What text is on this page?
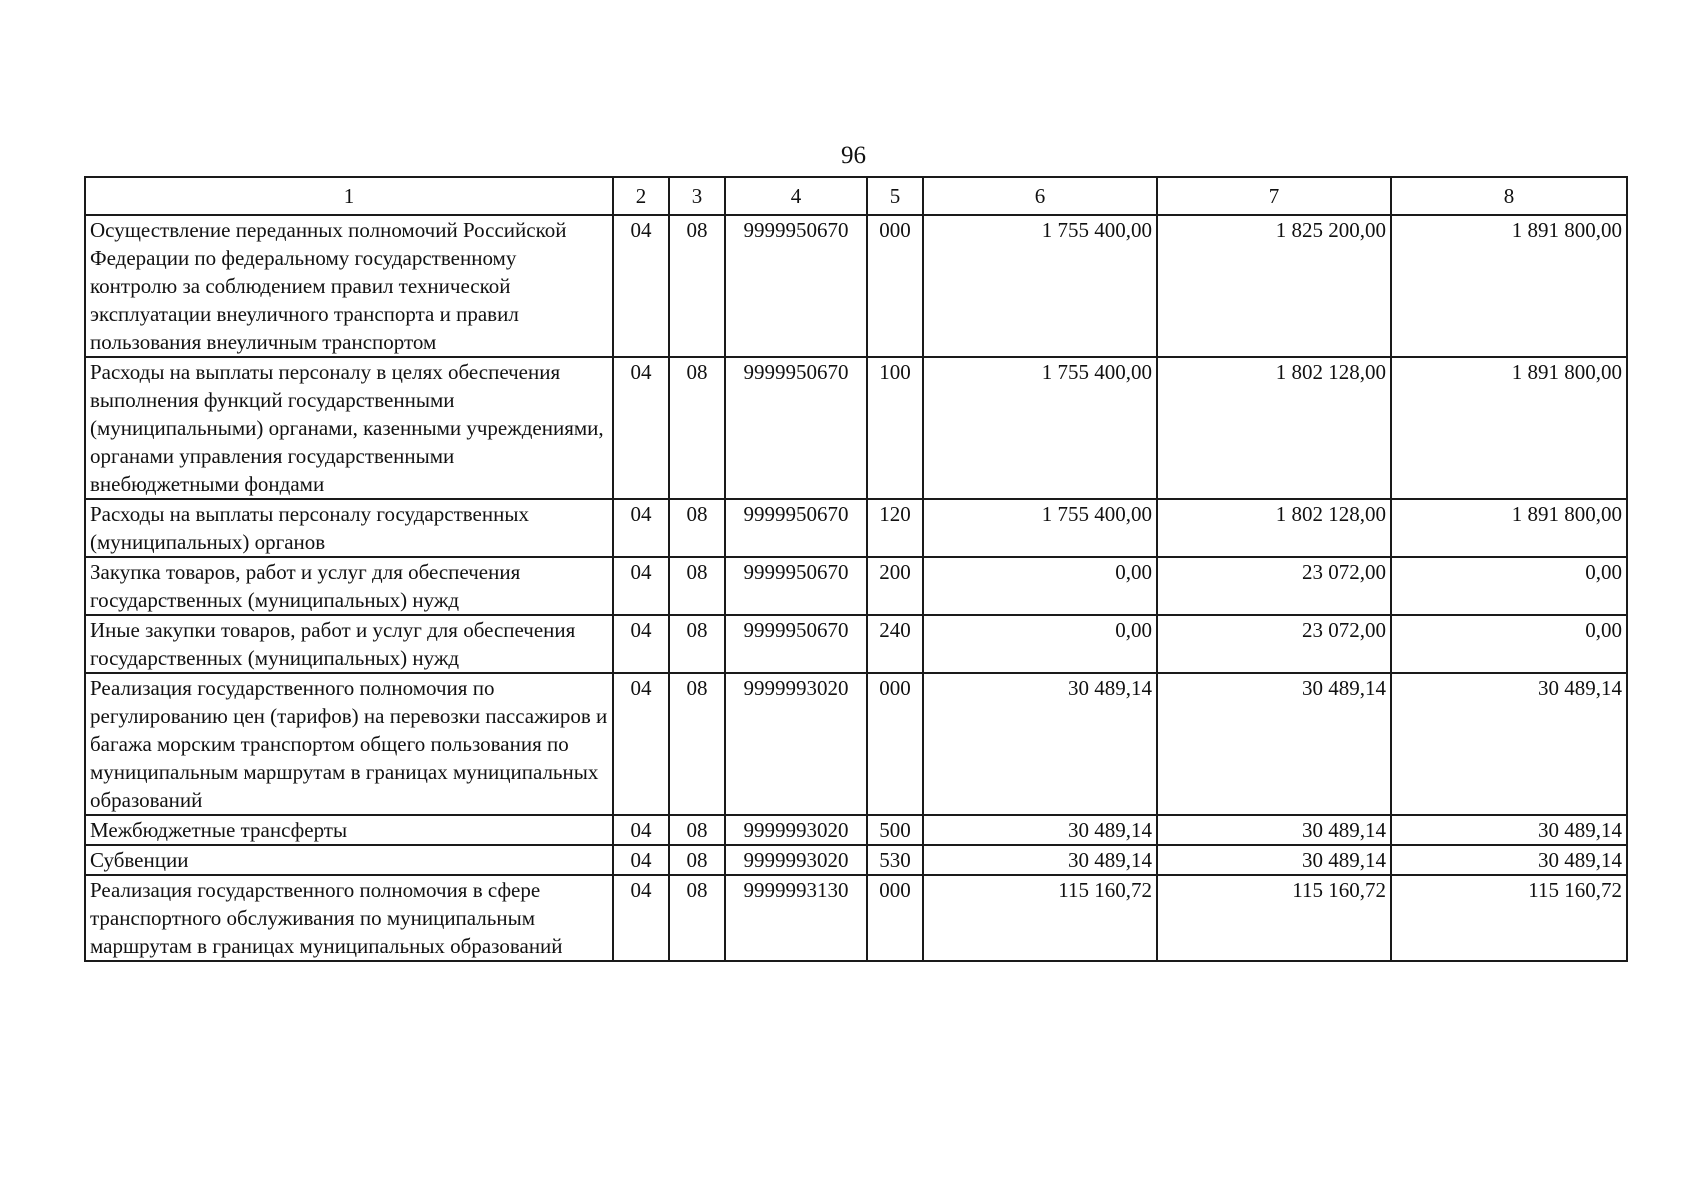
96
1	2	3	4	5	6	7	8
Осуществление переданных полномочий Российской Федерации по федеральному государственному контролю за соблюдением правил технической эксплуатации внеуличного транспорта и правил пользования внеуличным транспортом	04	08	9999950670	000	1 755 400,00	1 825 200,00	1 891 800,00
Расходы на выплаты персоналу в целях обеспечения выполнения функций государственными (муниципальными) органами, казенными учреждениями, органами управления государственными внебюджетными фондами	04	08	9999950670	100	1 755 400,00	1 802 128,00	1 891 800,00
Расходы на выплаты персоналу государственных (муниципальных) органов	04	08	9999950670	120	1 755 400,00	1 802 128,00	1 891 800,00
Закупка товаров, работ и услуг для обеспечения государственных (муниципальных) нужд	04	08	9999950670	200	0,00	23 072,00	0,00
Иные закупки товаров, работ и услуг для обеспечения государственных (муниципальных) нужд	04	08	9999950670	240	0,00	23 072,00	0,00
Реализация государственного полномочия по регулированию цен (тарифов) на перевозки пассажиров и багажа морским транспортом общего пользования по муниципальным маршрутам в границах муниципальных образований	04	08	9999993020	000	30 489,14	30 489,14	30 489,14
Межбюджетные трансферты	04	08	9999993020	500	30 489,14	30 489,14	30 489,14
Субвенции	04	08	9999993020	530	30 489,14	30 489,14	30 489,14
Реализация государственного полномочия в сфере транспортного обслуживания по муниципальным маршрутам в границах муниципальных образований	04	08	9999993130	000	115 160,72	115 160,72	115 160,72
